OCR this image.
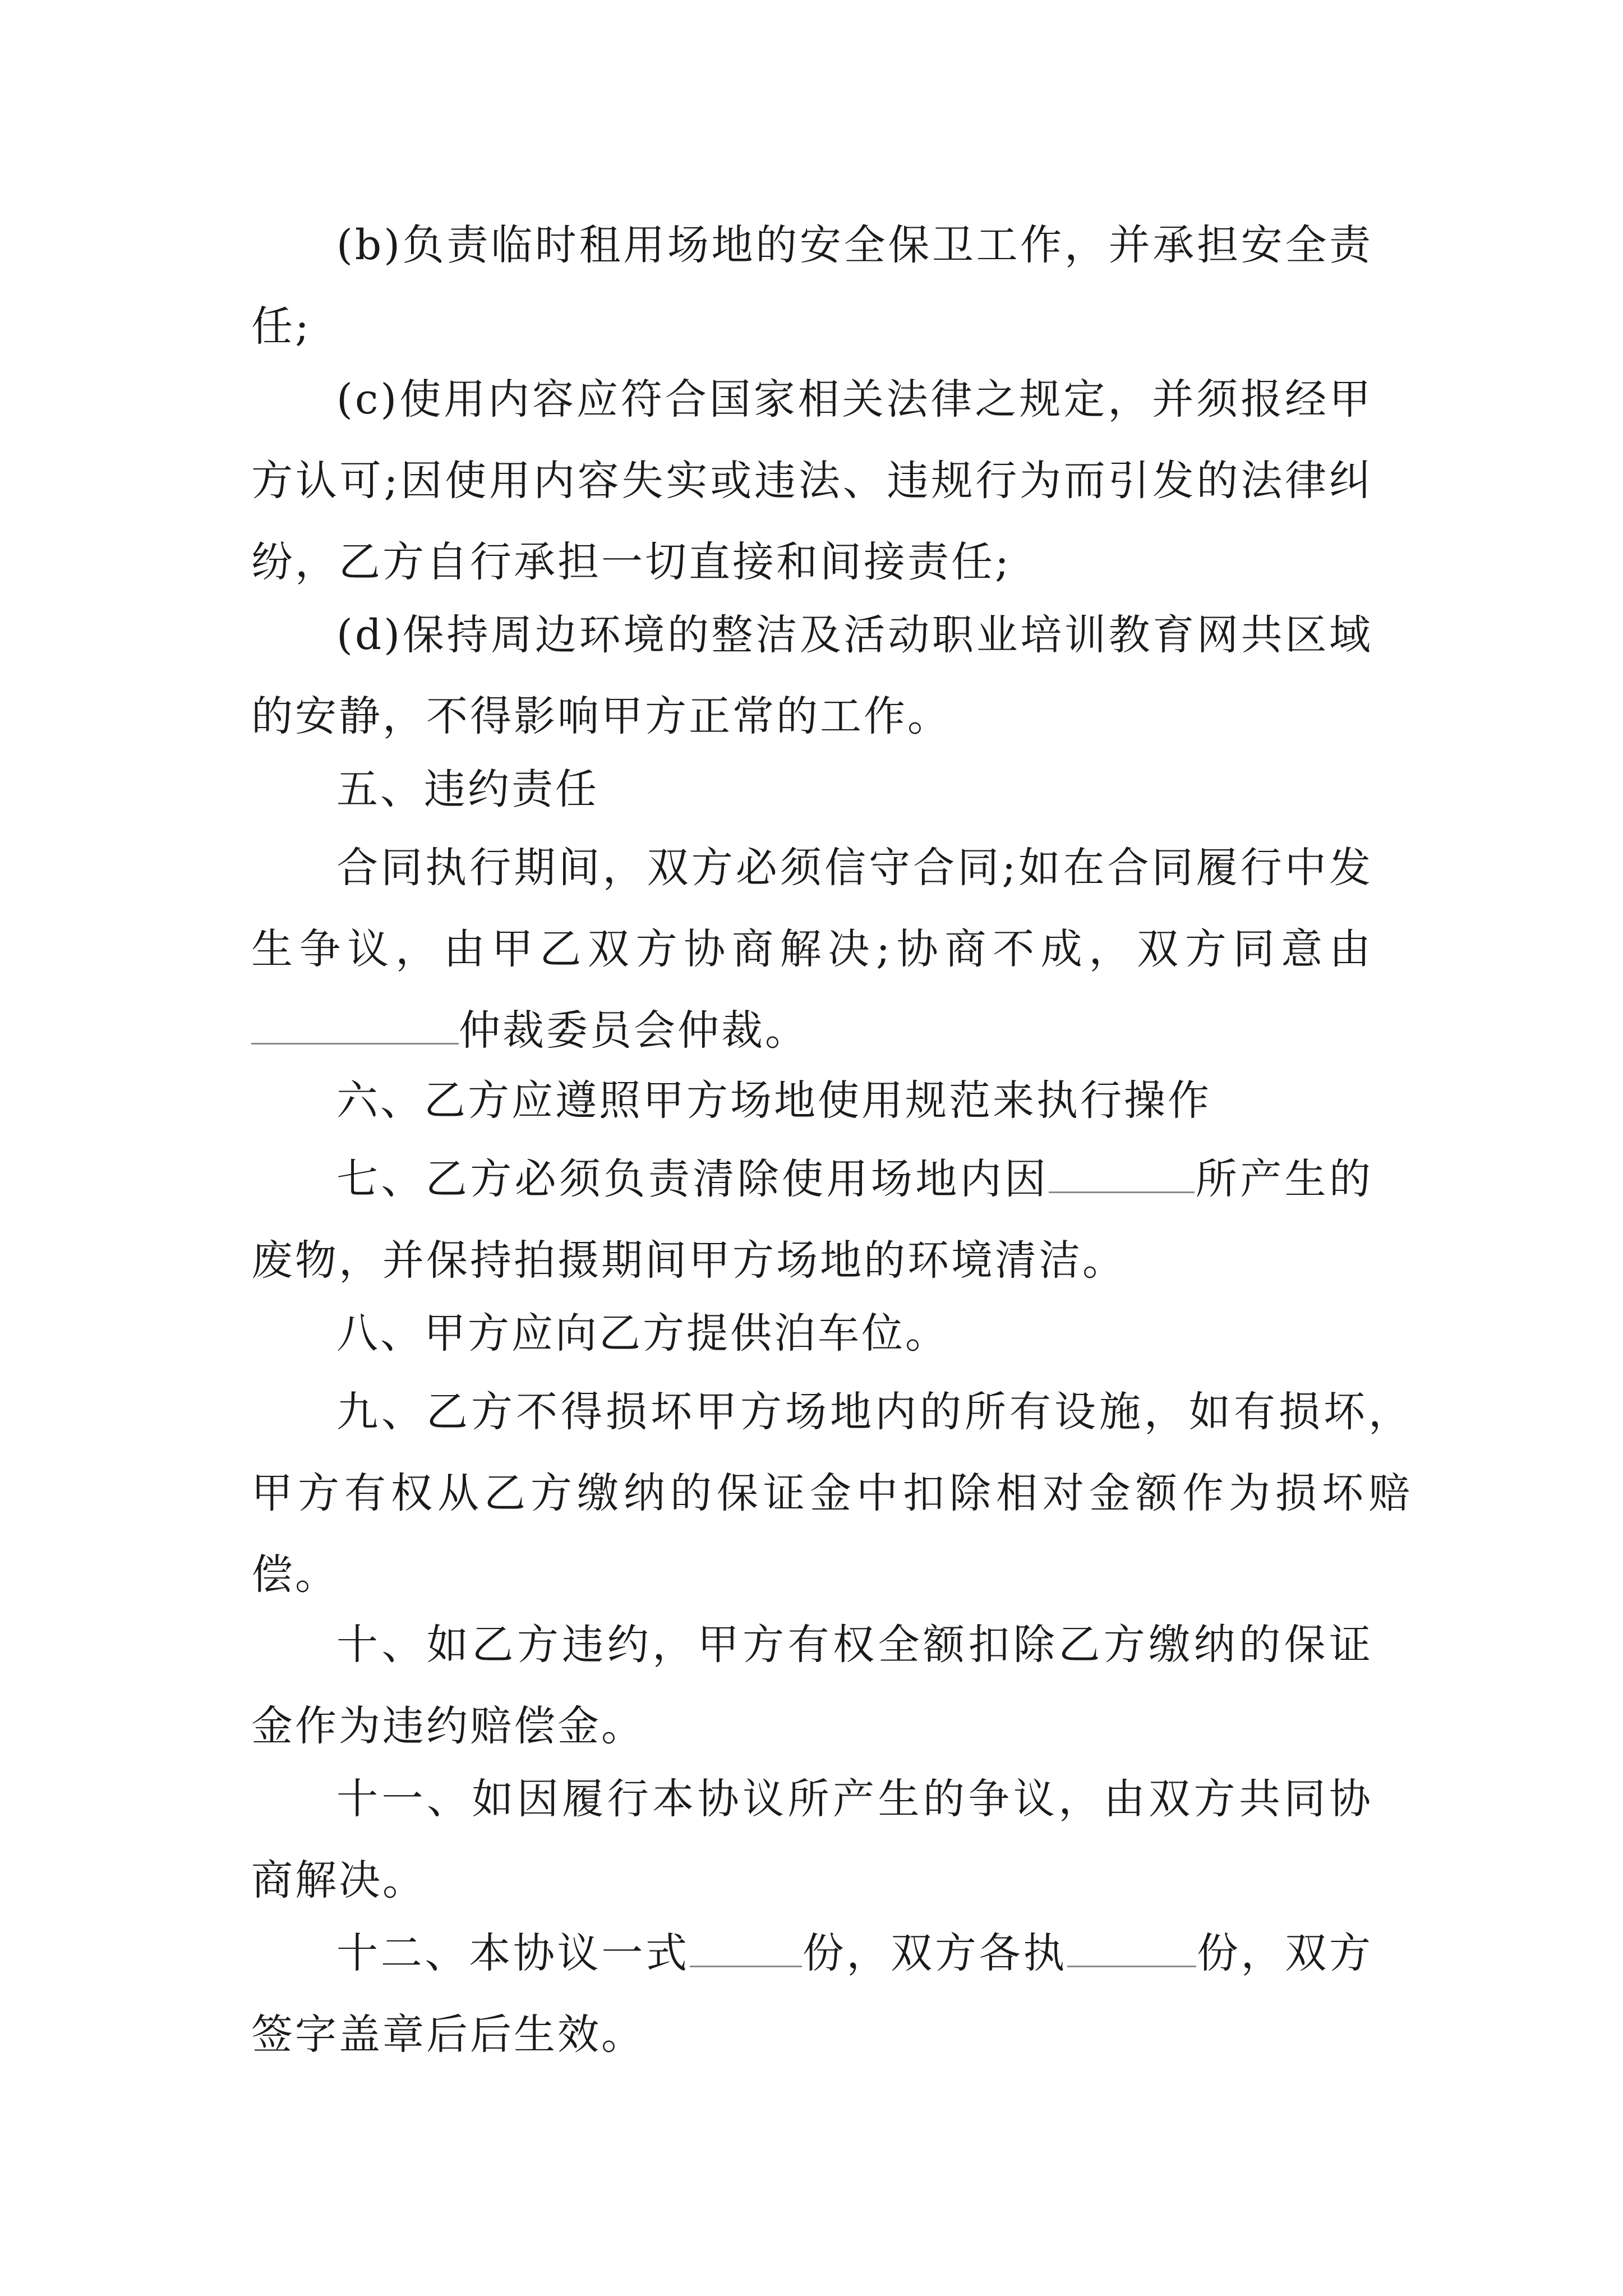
(b)负责临时租用场地的安全保卫工作，并承担安全责任;

(c)使用内容应符合国家相关法律之规定，并须报经甲方认可;因使用内容失实或违法、违规行为而引发的法律纠纷，乙方自行承担一切直接和间接责任;

(d)保持周边环境的整洁及活动职业培训教育网共区域的安静，不得影响甲方正常的工作。

五、违约责任

合同执行期间，双方必须信守合同;如在合同履行中发生争议，由甲乙双方协商解决;协商不成，双方同意由仲裁委员会仲裁。

六、乙方应遵照甲方场地使用规范来执行操作

七、乙方必须负责清除使用场地内因	所产生的废物，并保持拍摄期间甲方场地的环境清洁。

八、甲方应向乙方提供泊车位。

九、乙方不得损坏甲方场地内的所有设施，如有损坏，甲方有权从乙方缴纳的保证金中扣除相对金额作为损坏赔偿。

十、如乙方违约，甲方有权全额扣除乙方缴纳的保证金作为违约赔偿金。

十一、如因履行本协议所产生的争议，由双方共同协商解决。

十二、本协议一式	份，双方各执	份，双方签字盖章后后生效。
